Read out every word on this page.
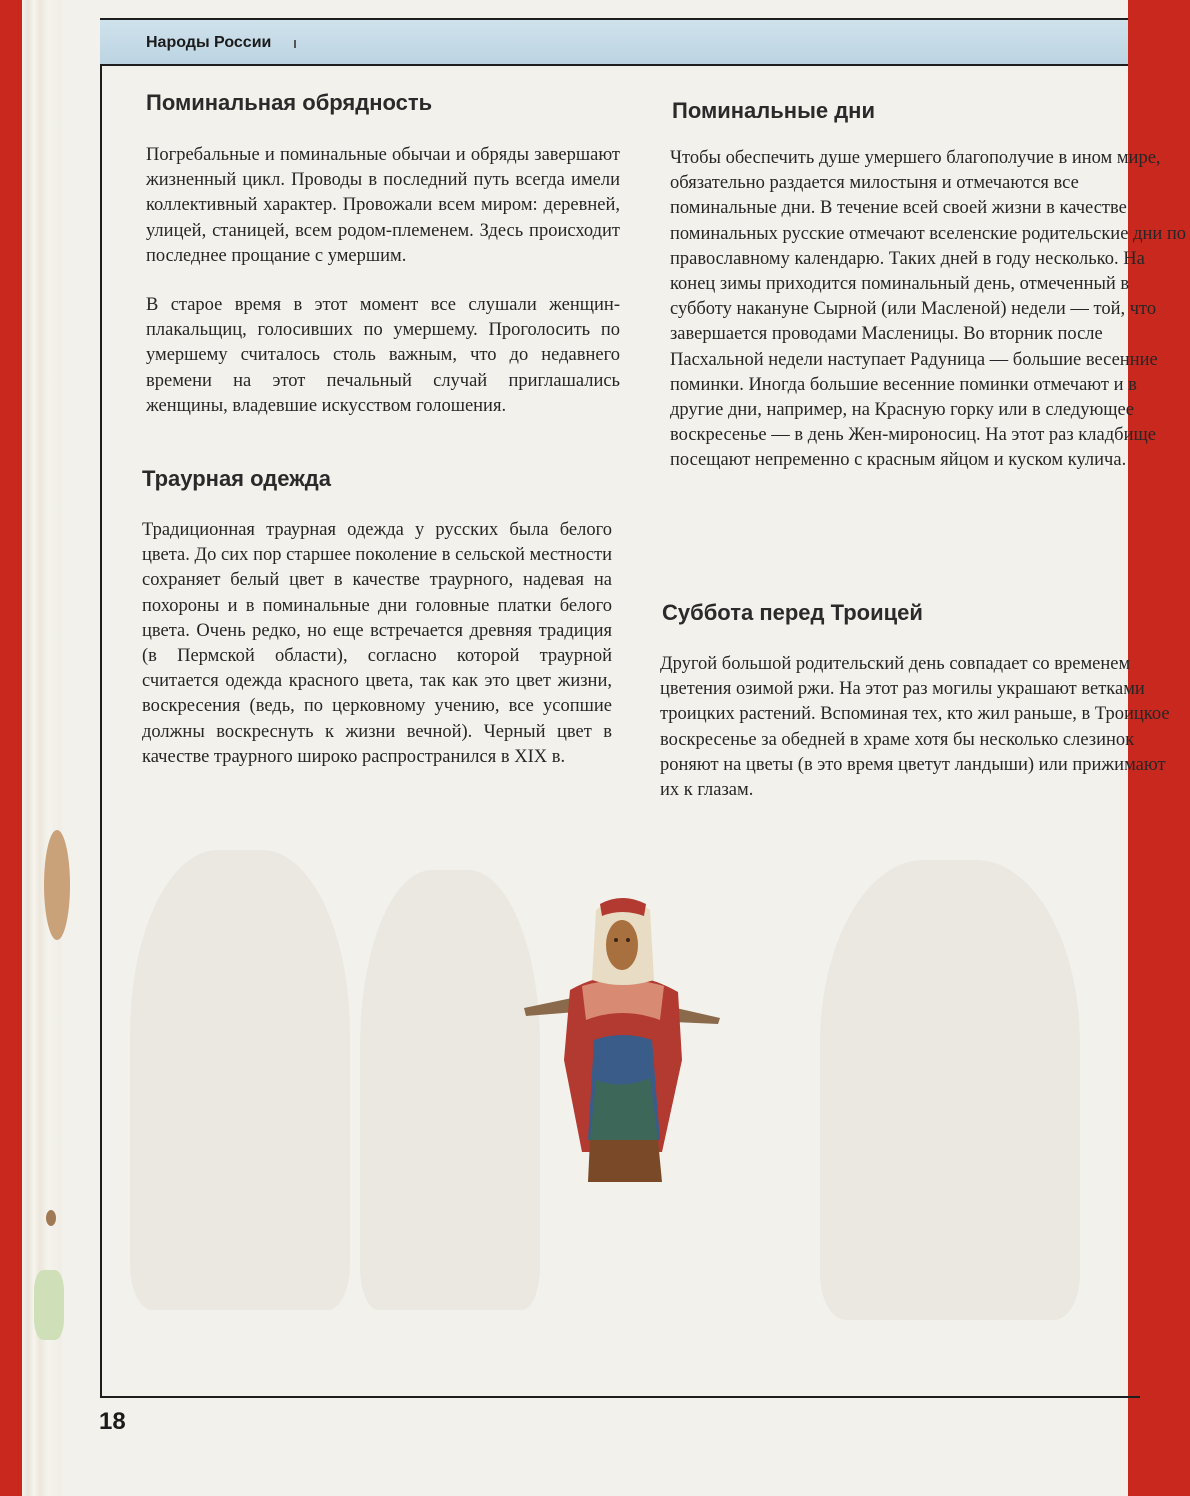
Народы России
Поминальная обрядность

Погребальные и поминальные обычаи и обряды завершают жизненный цикл. Проводы в последний путь всегда имели коллективный характер. Провожали всем миром: деревней, улицей, станицей, всем родом-племенем. Здесь происходит последнее прощание с умершим.

В старое время в этот момент все слушали женщин-плакальщиц, голосивших по умершему. Проголосить по умершему считалось столь важным, что до недавнего времени на этот печальный случай приглашались женщины, владевшие искусством голошения.

Траурная одежда

Традиционная траурная одежда у русских была белого цвета. До сих пор старшее поколение в сельской местности сохраняет белый цвет в качестве траурного, надевая на похороны и в поминальные дни головные платки белого цвета. Очень редко, но еще встречается древняя традиция (в Пермской области), согласно которой траурной считается одежда красного цвета, так как это цвет жизни, воскресения (ведь, по церковному учению, все усопшие должны воскреснуть к жизни вечной). Черный цвет в качестве траурного широко распространился в XIX в.

Поминальные дни

Чтобы обеспечить душе умершего благополучие в ином мире, обязательно раздается милостыня и отмечаются все поминальные дни. В течение всей своей жизни в качестве поминальных русские отмечают вселенские родительские дни по православному календарю. Таких дней в году несколько. На конец зимы приходится поминальный день, отмеченный в субботу накануне Сырной (или Масленой) недели — той, что завершается проводами Масленицы. Во вторник после Пасхальной недели наступает Радуница — большие весенние поминки. Иногда большие весенние поминки отмечают и в другие дни, например, на Красную горку или в следующее воскресенье — в день Жен-мироносиц. На этот раз кладбище посещают непременно с красным яйцом и куском кулича.

Суббота перед Троицей

Другой большой родительский день совпадает со временем цветения озимой ржи. На этот раз могилы украшают ветками троицких растений. Вспоминая тех, кто жил раньше, в Троицкое воскресенье за обедней в храме хотя бы несколько слезинок роняют на цветы (в это время цветут ландыши) или прижимают их к глазам.

18
